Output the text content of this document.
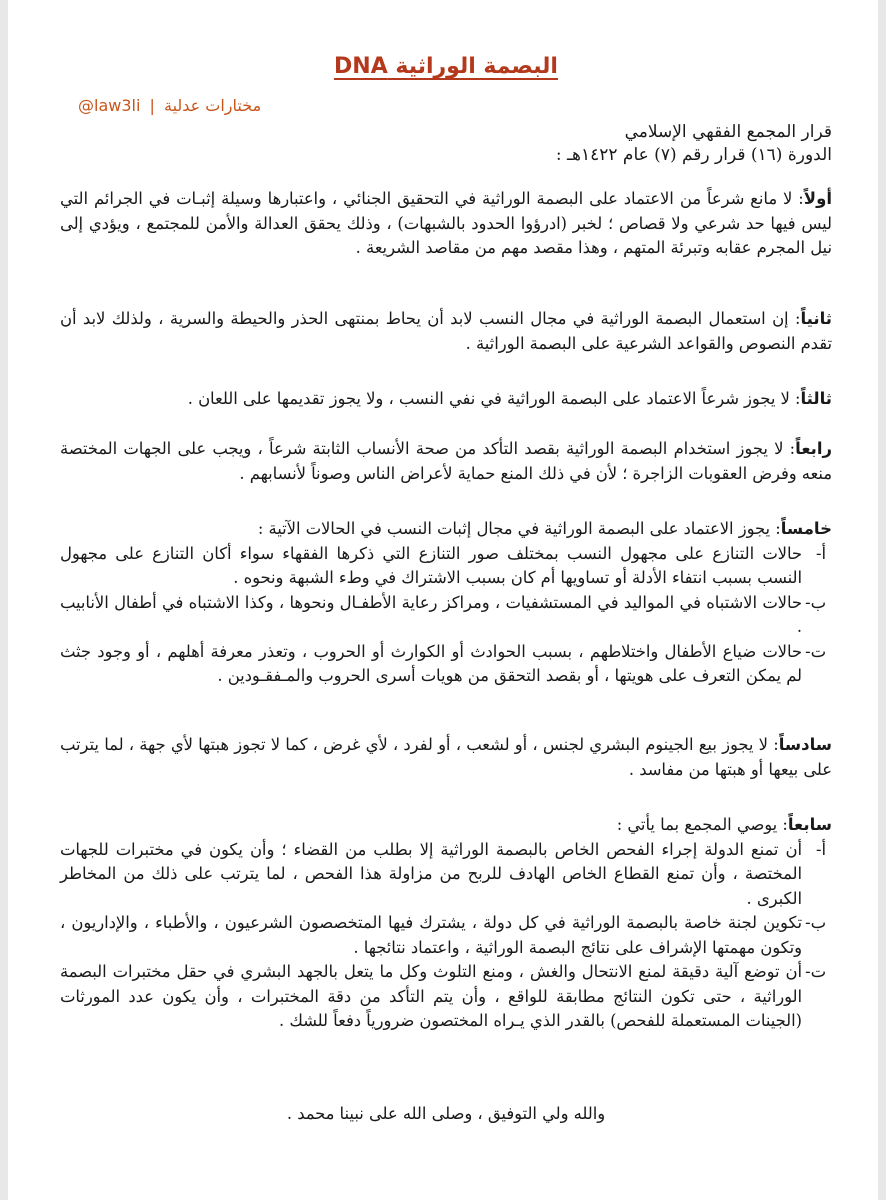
البصمة الوراثية DNA
@law3li | مختارات عدلية
قرار المجمع الفقهي الإسلامي
الدورة (١٦) قرار رقم (٧) عام ١٤٢٢هـ :
أولاً: لا مانع شرعاً من الاعتماد على البصمة الوراثية في التحقيق الجنائي ، واعتبارها وسيلة إثبـات في الجرائم التي ليس فيها حد شرعي ولا قصاص ؛ لخبر (ادرؤوا الحدود بالشبهات) ، وذلك يحقق العدالة والأمن للمجتمع ، ويؤدي إلى نيل المجرم عقابه وتبرئة المتهم ، وهذا مقصد مهم من مقاصد الشريعة .
ثانياً: إن استعمال البصمة الوراثية في مجال النسب لابد أن يحاط بمنتهى الحذر والحيطة والسرية ، ولذلك لابد أن تقدم النصوص والقواعد الشرعية على البصمة الوراثية .
ثالثاً: لا يجوز شرعاً الاعتماد على البصمة الوراثية في نفي النسب ، ولا يجوز تقديمها على اللعان .
رابعاً: لا يجوز استخدام البصمة الوراثية بقصد التأكد من صحة الأنساب الثابتة شرعاً ، ويجب على الجهات المختصة منعه وفرض العقوبات الزاجرة ؛ لأن في ذلك المنع حماية لأعراض الناس وصوناً لأنسابهم .
خامساً: يجوز الاعتماد على البصمة الوراثية في مجال إثبات النسب في الحالات الآتية :
أ-
حالات التنازع على مجهول النسب بمختلف صور التنازع التي ذكرها الفقهاء سواء أكان التنازع على مجهول النسب بسبب انتفاء الأدلة أو تساويها أم كان بسبب الاشتراك في وطء الشبهة ونحوه .
ب-
حالات الاشتباه في المواليد في المستشفيات ، ومراكز رعاية الأطفـال ونحوها ، وكذا الاشتباه في أطفال الأنابيب .
ت-
حالات ضياع الأطفال واختلاطهم ، بسبب الحوادث أو الكوارث أو الحروب ، وتعذر معرفة أهلهم ، أو وجود جثث لم يمكن التعرف على هويتها ، أو بقصد التحقق من هويات أسرى الحروب والمـفقـودين .
سادساً: لا يجوز بيع الجينوم البشري لجنس ، أو لشعب ، أو لفرد ، لأي غرض ، كما لا تجوز هبتها لأي جهة ، لما يترتب على بيعها أو هبتها من مفاسد .
سابعاً: يوصي المجمع بما يأتي :
أ-
أن تمنع الدولة إجراء الفحص الخاص بالبصمة الوراثية إلا بطلب من القضاء ؛ وأن يكون في مختبرات للجهات المختصة ، وأن تمنع القطاع الخاص الهادف للربح من مزاولة هذا الفحص ، لما يترتب على ذلك من المخاطر الكبرى .
ب-
تكوين لجنة خاصة بالبصمة الوراثية في كل دولة ، يشترك فيها المتخصصون الشرعيون ، والأطباء ، والإداريون ، وتكون مهمتها الإشراف على نتائج البصمة الوراثية ، واعتماد نتائجها .
ت-
أن توضع آلية دقيقة لمنع الانتحال والغش ، ومنع التلوث وكل ما يتعل بالجهد البشري في حقل مختبرات البصمة الوراثية ، حتى تكون النتائج مطابقة للواقع ، وأن يتم التأكد من دقة المختبرات ، وأن يكون عدد المورثات (الجينات المستعملة للفحص) بالقدر الذي يـراه المختصون ضرورياً دفعاً للشك .
والله ولي التوفيق ، وصلى الله على نبينا محمد .
